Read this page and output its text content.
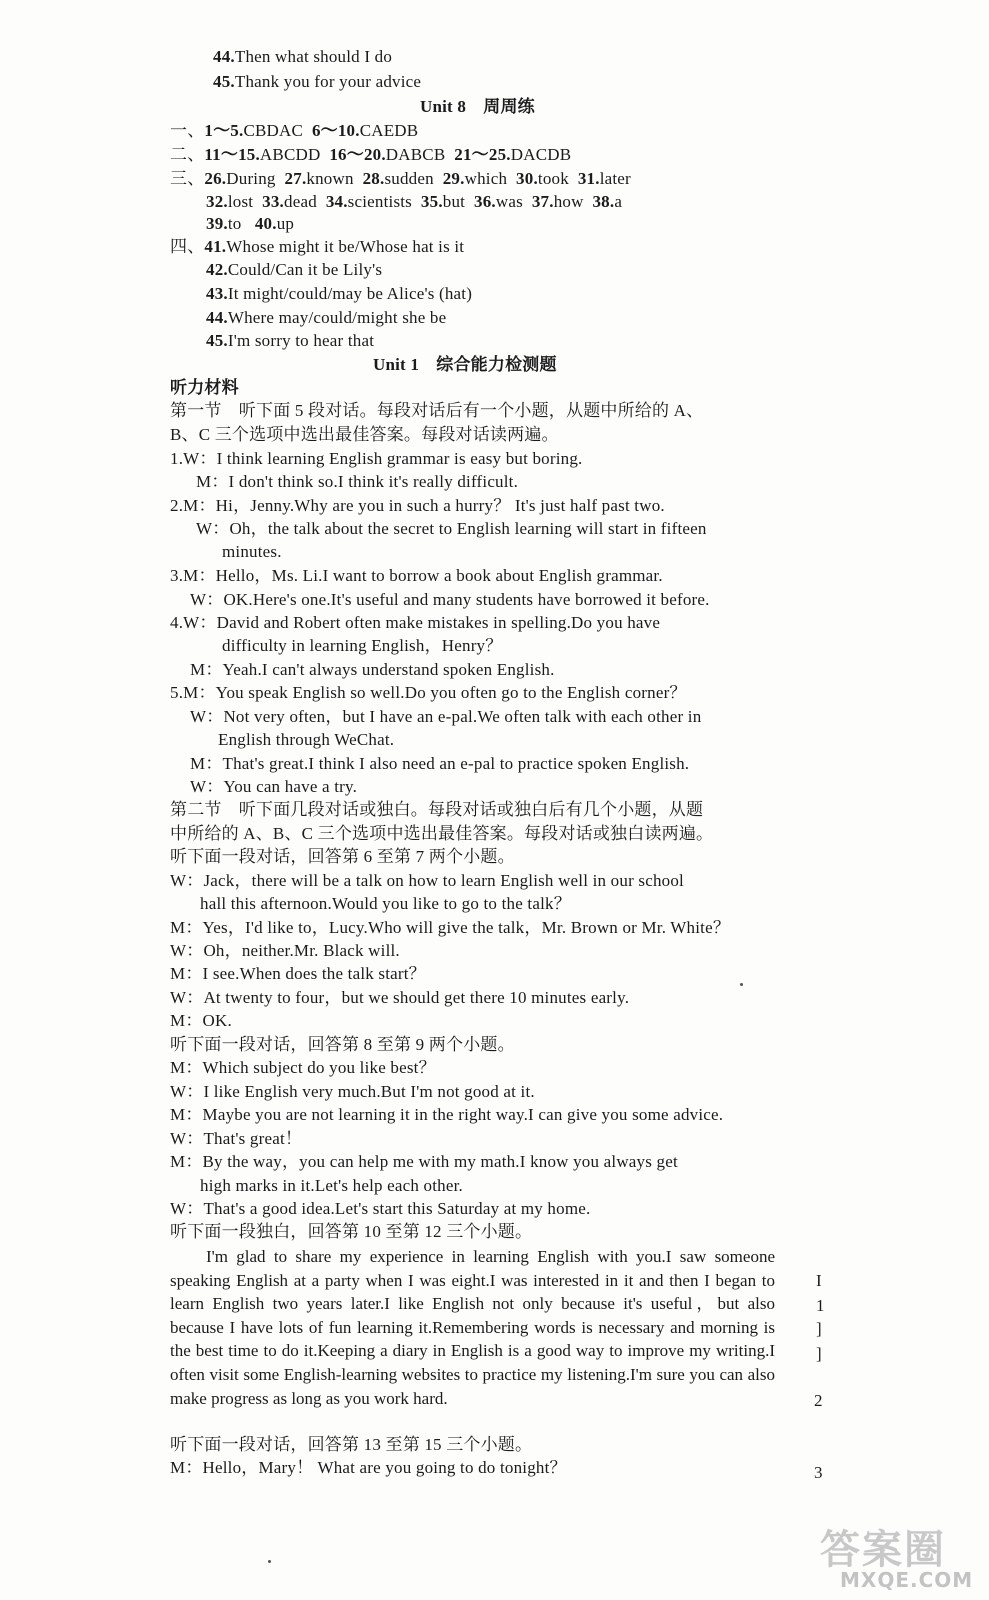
44.Then what should I do
45.Thank you for your advice
Unit 8　周周练
一、1～5.CBDAC 6～10.CAEDB
二、11～15.ABCDD 16～20.DABCB 21～25.DACDB
三、26.During 27.known 28.sudden 29.which 30.took 31.later
32.lost 33.dead 34.scientists 35.but 36.was 37.how 38.a
39.to 40.up
四、41.Whose might it be/Whose hat is it
42.Could/Can it be Lily's
43.It might/could/may be Alice's (hat)
44.Where may/could/might she be
45.I'm sorry to hear that
Unit 1　综合能力检测题
听力材料
第一节　听下面 5 段对话。每段对话后有一个小题，从题中所给的 A、
B、C 三个选项中选出最佳答案。每段对话读两遍。
1.W：I think learning English grammar is easy but boring.
M：I don't think so.I think it's really difficult.
2.M：Hi，Jenny.Why are you in such a hurry？ It's just half past two.
W：Oh，the talk about the secret to English learning will start in fifteen
minutes.
3.M：Hello，Ms. Li.I want to borrow a book about English grammar.
W：OK.Here's one.It's useful and many students have borrowed it before.
4.W：David and Robert often make mistakes in spelling.Do you have
difficulty in learning English，Henry？
M：Yeah.I can't always understand spoken English.
5.M：You speak English so well.Do you often go to the English corner？
W：Not very often，but I have an e-pal.We often talk with each other in
English through WeChat.
M：That's great.I think I also need an e-pal to practice spoken English.
W：You can have a try.
第二节　听下面几段对话或独白。每段对话或独白后有几个小题，从题
中所给的 A、B、C 三个选项中选出最佳答案。每段对话或独白读两遍。
听下面一段对话，回答第 6 至第 7 两个小题。
W：Jack，there will be a talk on how to learn English well in our school
hall this afternoon.Would you like to go to the talk？
M：Yes，I'd like to，Lucy.Who will give the talk，Mr. Brown or Mr. White？
W：Oh，neither.Mr. Black will.
M：I see.When does the talk start？
W：At twenty to four，but we should get there 10 minutes early.
M：OK.
听下面一段对话，回答第 8 至第 9 两个小题。
M：Which subject do you like best？
W：I like English very much.But I'm not good at it.
M：Maybe you are not learning it in the right way.I can give you some advice.
W：That's great！
M：By the way，you can help me with my math.I know you always get
high marks in it.Let's help each other.
W：That's a good idea.Let's start this Saturday at my home.
听下面一段独白，回答第 10 至第 12 三个小题。

I'm glad to share my experience in learning English with you.I saw someone speaking English at a party when I was eight.I was interested in it and then I began to learn English two years later.I like English not only because it's useful，but also because I have lots of fun learning it.Remembering words is necessary and morning is the best time to do it.Keeping a diary in English is a good way to improve my writing.I often visit some English-learning websites to practice my listening.I'm sure you can also make progress as long as you work hard.

听下面一段对话，回答第 13 至第 15 三个小题。
M：Hello，Mary！ What are you going to do tonight？
I
1
]
]
2
3
答案圈
MXQE.COM
